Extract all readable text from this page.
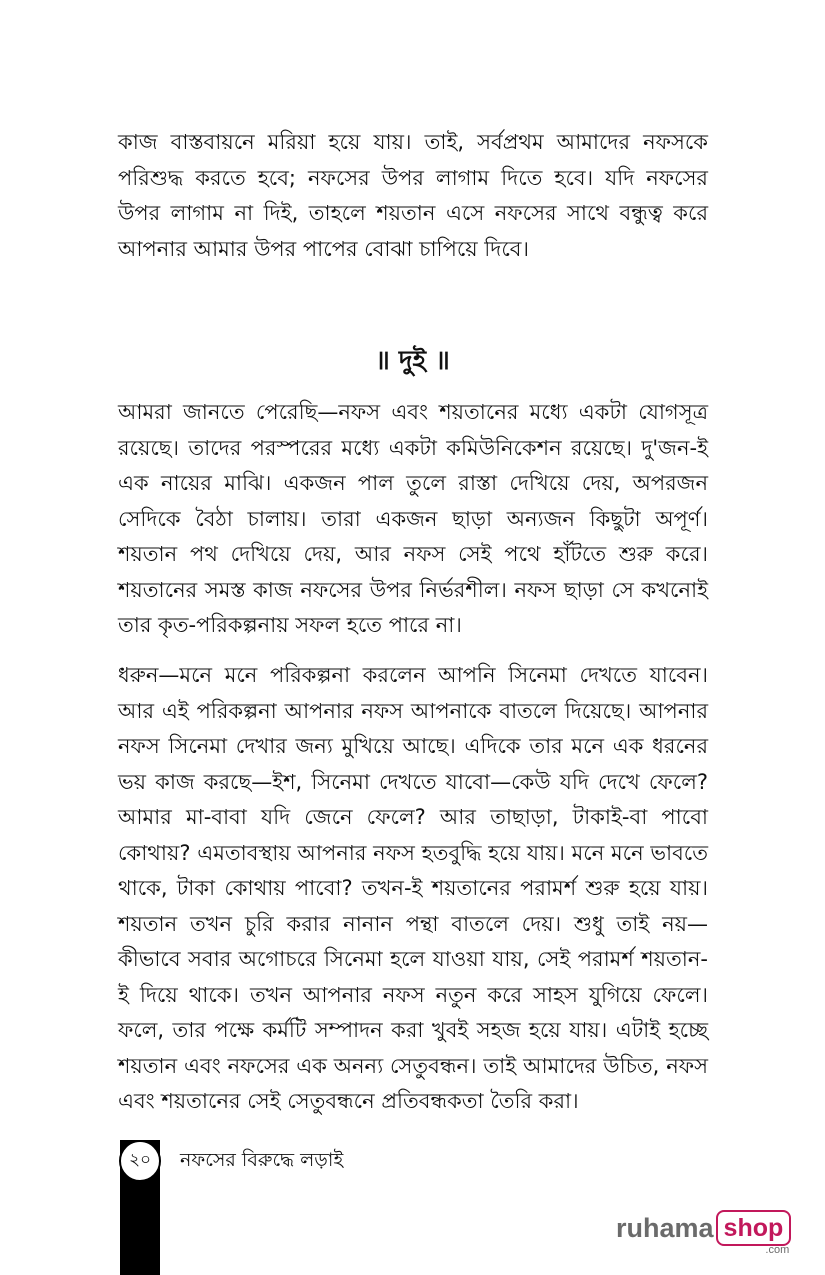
কাজ বাস্তবায়নে মরিয়া হয়ে যায়। তাই, সর্বপ্রথম আমাদের নফসকে পরিশুদ্ধ করতে হবে; নফসের উপর লাগাম দিতে হবে। যদি নফসের উপর লাগাম না দিই, তাহলে শয়তান এসে নফসের সাথে বন্ধুত্ব করে আপনার আমার উপর পাপের বোঝা চাপিয়ে দিবে।

॥ দুই ॥

আমরা জানতে পেরেছি—নফস এবং শয়তানের মধ্যে একটা যোগসূত্র রয়েছে। তাদের পরস্পরের মধ্যে একটা কমিউনিকেশন রয়েছে। দু'জন-ই এক নায়ের মাঝি। একজন পাল তুলে রাস্তা দেখিয়ে দেয়, অপরজন সেদিকে বৈঠা চালায়। তারা একজন ছাড়া অন্যজন কিছুটা অপূর্ণ। শয়তান পথ দেখিয়ে দেয়, আর নফস সেই পথে হাঁটতে শুরু করে। শয়তানের সমস্ত কাজ নফসের উপর নির্ভরশীল। নফস ছাড়া সে কখনোই তার কৃত-পরিকল্পনায় সফল হতে পারে না।

ধরুন—মনে মনে পরিকল্পনা করলেন আপনি সিনেমা দেখতে যাবেন। আর এই পরিকল্পনা আপনার নফস আপনাকে বাতলে দিয়েছে। আপনার নফস সিনেমা দেখার জন্য মুখিয়ে আছে। এদিকে তার মনে এক ধরনের ভয় কাজ করছে—ইশ, সিনেমা দেখতে যাবো—কেউ যদি দেখে ফেলে? আমার মা-বাবা যদি জেনে ফেলে? আর তাছাড়া, টাকাই-বা পাবো কোথায়? এমতাবস্থায় আপনার নফস হতবুদ্ধি হয়ে যায়। মনে মনে ভাবতে থাকে, টাকা কোথায় পাবো? তখন-ই শয়তানের পরামর্শ শুরু হয়ে যায়। শয়তান তখন চুরি করার নানান পন্থা বাতলে দেয়। শুধু তাই নয়—কীভাবে সবার অগোচরে সিনেমা হলে যাওয়া যায়, সেই পরামর্শ শয়তান-ই দিয়ে থাকে। তখন আপনার নফস নতুন করে সাহস যুগিয়ে ফেলে। ফলে, তার পক্ষে কর্মটি সম্পাদন করা খুবই সহজ হয়ে যায়। এটাই হচ্ছে শয়তান এবং নফসের এক অনন্য সেতুবন্ধন। তাই আমাদের উচিত, নফস এবং শয়তানের সেই সেতুবন্ধনে প্রতিবন্ধকতা তৈরি করা।

২০	নফসের বিরুদ্ধে লড়াই
ruhama shop
.com
